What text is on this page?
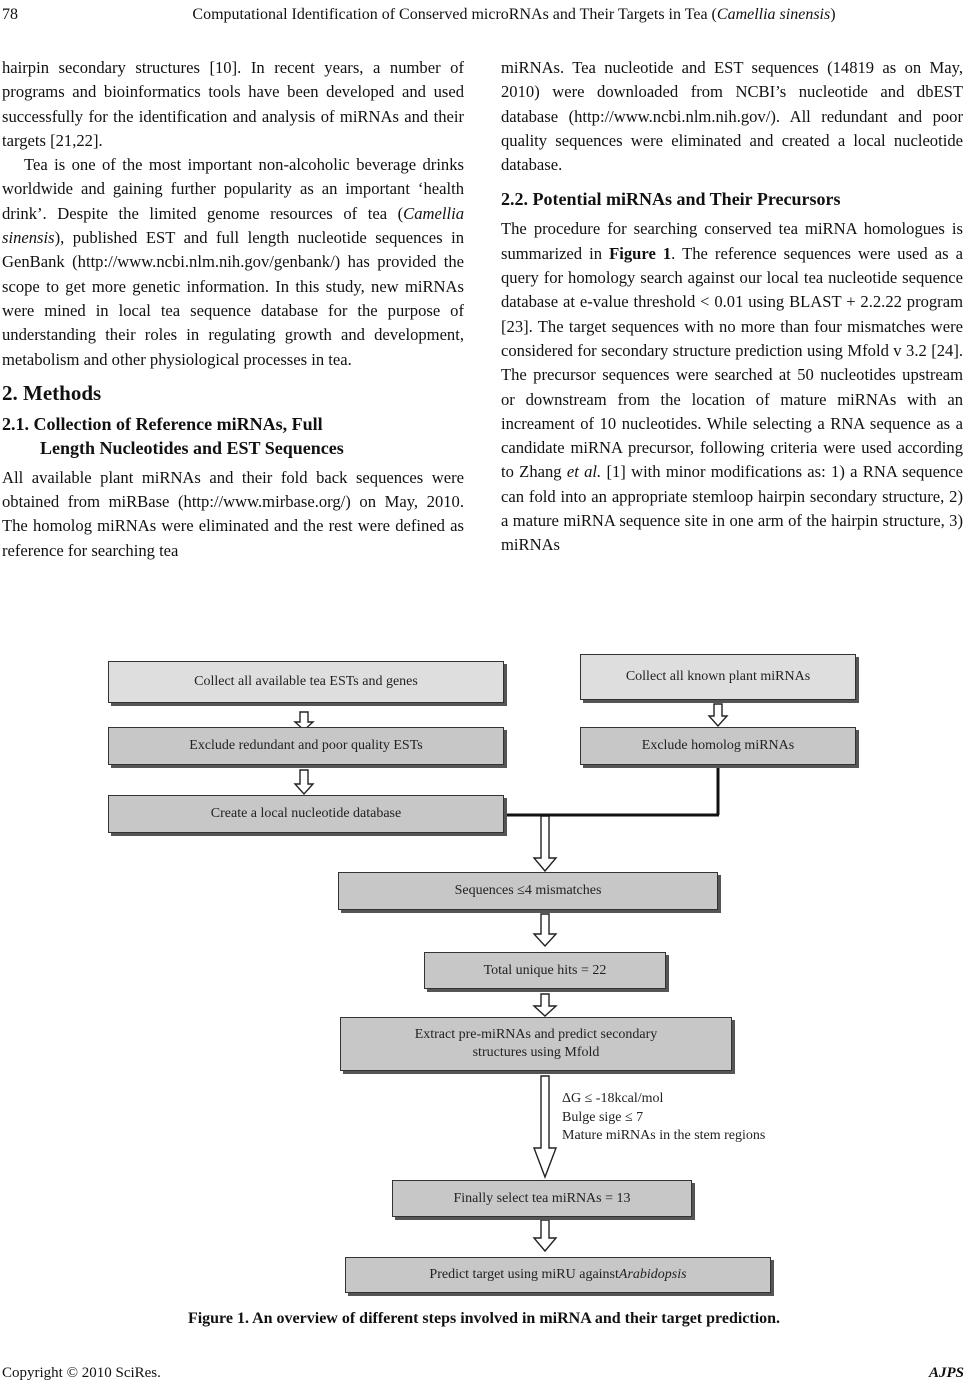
78	Computational Identification of Conserved microRNAs and Their Targets in Tea (Camellia sinensis)

hairpin secondary structures [10]. In recent years, a number of programs and bioinformatics tools have been developed and used successfully for the identification and analysis of miRNAs and their targets [21,22].

Tea is one of the most important non-alcoholic beverage drinks worldwide and gaining further popularity as an important ‘health drink’. Despite the limited genome resources of tea (Camellia sinensis), published EST and full length nucleotide sequences in GenBank (http://www.ncbi.nlm.nih.gov/genbank/) has provided the scope to get more genetic information. In this study, new miRNAs were mined in local tea sequence database for the purpose of understanding their roles in regulating growth and development, metabolism and other physiological processes in tea.

2. Methods
2.1. Collection of Reference miRNAs, Full
Length Nucleotides and EST Sequences

All available plant miRNAs and their fold back sequences were obtained from miRBase (http://www.mirbase.org/) on May, 2010. The homolog miRNAs were eliminated and the rest were defined as reference for searching tea

miRNAs. Tea nucleotide and EST sequences (14819 as on May, 2010) were downloaded from NCBI’s nucleotide and dbEST database (http://www.ncbi.nlm.nih.gov/). All redundant and poor quality sequences were eliminated and created a local nucleotide database.

2.2. Potential miRNAs and Their Precursors

The procedure for searching conserved tea miRNA homologues is summarized in Figure 1. The reference sequences were used as a query for homology search against our local tea nucleotide sequence database at e-value threshold < 0.01 using BLAST + 2.2.22 program [23]. The target sequences with no more than four mismatches were considered for secondary structure prediction using Mfold v 3.2 [24]. The precursor sequences were searched at 50 nucleotides upstream or downstream from the location of mature miRNAs with an increament of 10 nucleotides. While selecting a RNA sequence as a candidate miRNA precursor, following criteria were used according to Zhang et al. [1] with minor modifications as: 1) a RNA sequence can fold into an appropriate stemloop hairpin secondary structure, 2) a mature miRNA sequence site in one arm of the hairpin structure, 3) miRNAs

Collect all available tea ESTs and genes	Collect all known plant miRNAs
Exclude redundant and poor quality ESTs	Exclude homolog miRNAs
Create a local nucleotide database
Sequences ≤4 mismatches
Total unique hits = 22
Extract pre-miRNAs and predict secondary
structures using Mfold
ΔG ≤ -18kcal/mol
Bulge sige ≤ 7
Mature miRNAs in the stem regions
Finally select tea miRNAs = 13
Predict target using miRU against Arabidopsis
Figure 1. An overview of different steps involved in miRNA and their target prediction.
Copyright © 2010 SciRes.	AJPS
